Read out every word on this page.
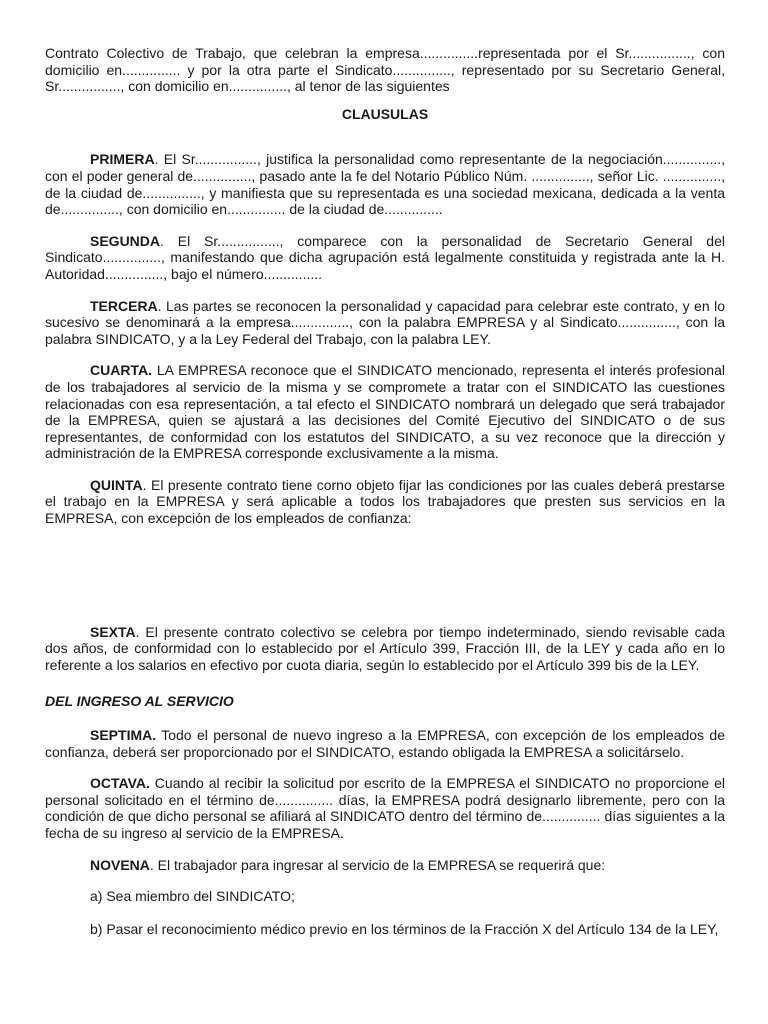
Contrato Colectivo de Trabajo, que celebran la empresa...............representada por el Sr................, con domicilio en............... y por la otra parte el Sindicato..............., representado por su Secretario General, Sr................, con domicilio en..............., al tenor de las siguientes

CLAUSULAS

PRIMERA. El Sr................, justifica la personalidad como representante de la negociación..............., con el poder general de..............., pasado ante la fe del Notario Público Núm. ..............., señor Lic. ..............., de la ciudad de..............., y manifiesta que su representada es una sociedad mexicana, dedicada a la venta de..............., con domicilio en............... de la ciudad de...............

SEGUNDA. El Sr................, comparece con la personalidad de Secretario General del Sindicato..............., manifestando que dicha agrupación está legalmente constituida y registrada ante la H. Autoridad..............., bajo el número...............

TERCERA. Las partes se reconocen la personalidad y capacidad para celebrar este contrato, y en lo sucesivo se denominará a la empresa..............., con la palabra EMPRESA y al Sindicato..............., con la palabra SINDICATO, y a la Ley Federal del Trabajo, con la palabra LEY.

CUARTA. LA EMPRESA reconoce que el SINDICATO mencionado, representa el interés profesional de los trabajadores al servicio de la misma y se compromete a tratar con el SINDICATO las cuestiones relacionadas con esa representación, a tal efecto el SINDICATO nombrará un delegado que será trabajador de la EMPRESA, quien se ajustará a las decisiones del Comité Ejecutivo del SINDICATO o de sus representantes, de conformidad con los estatutos del SINDICATO, a su vez reconoce que la dirección y administración de la EMPRESA corresponde exclusivamente a la misma.

QUINTA. El presente contrato tiene corno objeto fijar las condiciones por las cuales deberá prestarse el trabajo en la EMPRESA y será aplicable a todos los trabajadores que presten sus servicios en la EMPRESA, con excepción de los empleados de confianza:

SEXTA. El presente contrato colectivo se celebra por tiempo indeterminado, siendo revisable cada dos años, de conformidad con lo establecido por el Artículo 399, Fracción III, de la LEY y cada año en lo referente a los salarios en efectivo por cuota diaria, según lo establecido por el Artículo 399 bis de la LEY.

DEL INGRESO AL SERVICIO

SEPTIMA. Todo el personal de nuevo ingreso a la EMPRESA, con excepción de los empleados de confianza, deberá ser proporcionado por el SINDICATO, estando obligada la EMPRESA a solicitárselo.

OCTAVA. Cuando al recibir la solicitud por escrito de la EMPRESA el SINDICATO no proporcione el personal solicitado en el término de............... días, la EMPRESA podrá designarlo libremente, pero con la condición de que dicho personal se afiliará al SINDICATO dentro del término de............... días siguientes a la fecha de su ingreso al servicio de la EMPRESA.

NOVENA. El trabajador para ingresar al servicio de la EMPRESA se requerirá que:

a) Sea miembro del SINDICATO;

b) Pasar el reconocimiento médico previo en los términos de la Fracción X del Artículo 134 de la LEY,
